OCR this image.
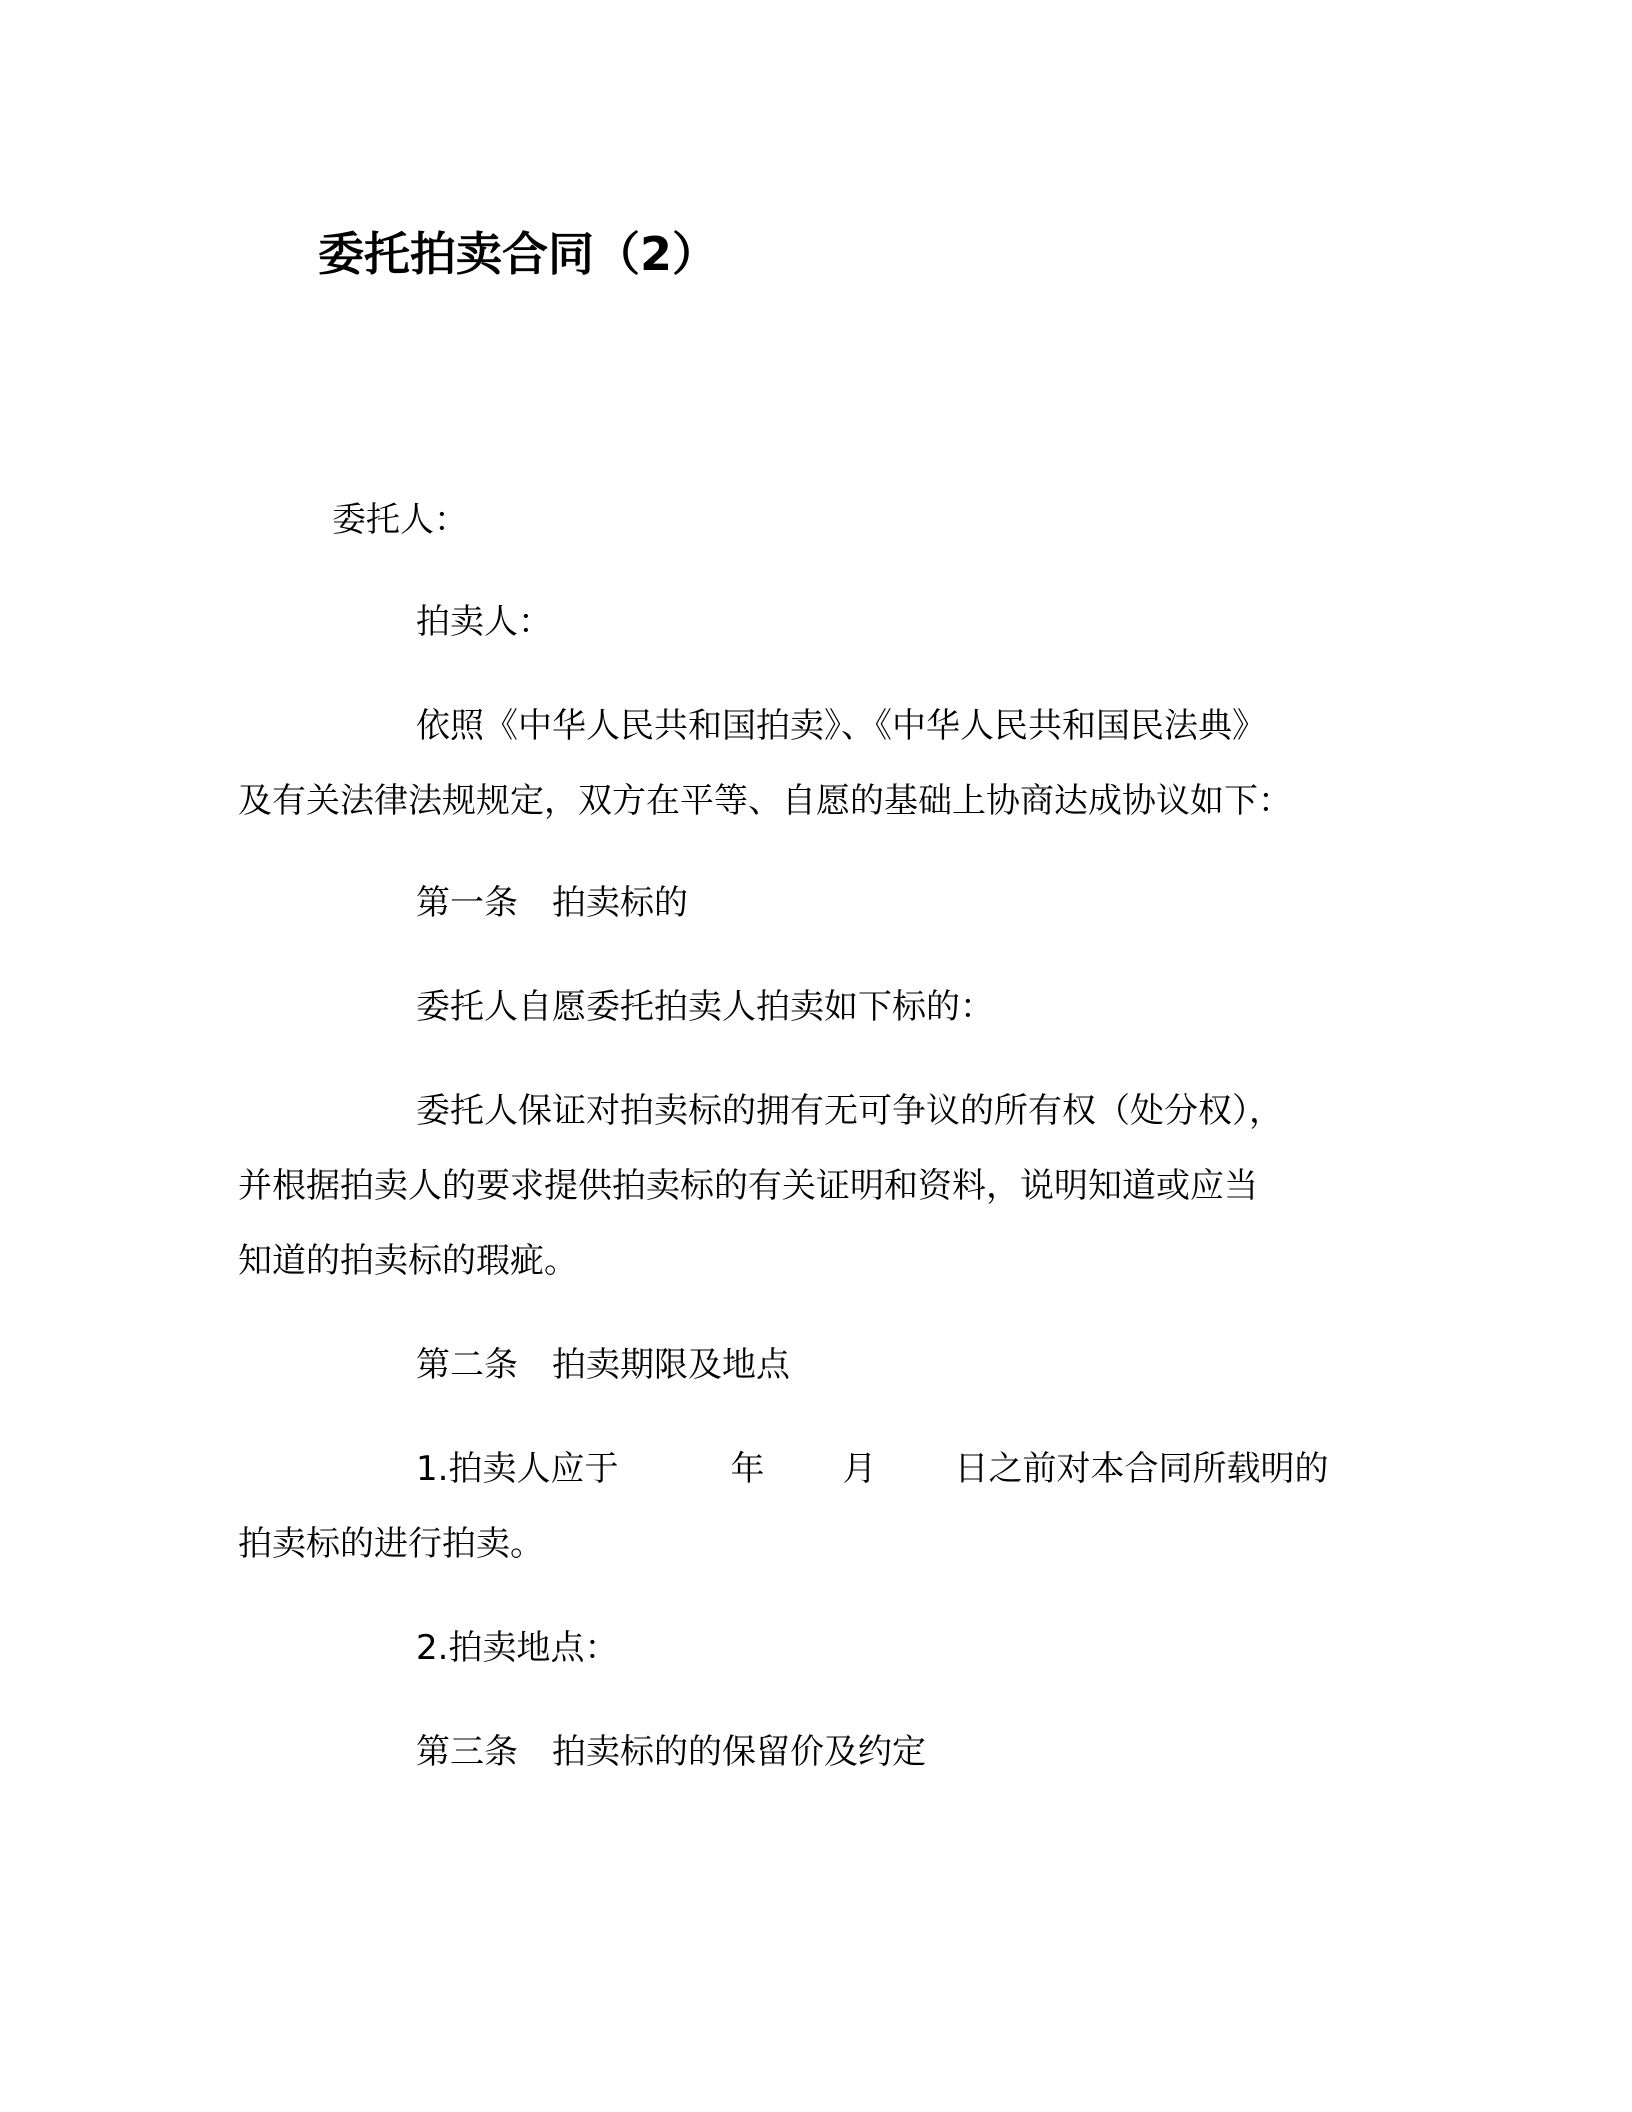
委托拍卖合同（2）
委托人：
拍卖人：
依照《中华人民共和国拍卖》、《中华人民共和国民法典》
及有关法律法规规定，双方在平等、自愿的基础上协商达成协议如下：
第一条　拍卖标的
委托人自愿委托拍卖人拍卖如下标的：
委托人保证对拍卖标的拥有无可争议的所有权（处分权），
并根据拍卖人的要求提供拍卖标的有关证明和资料，说明知道或应当
知道的拍卖标的瑕疵。
第二条　拍卖期限及地点
1.拍卖人应于	年 月 日之前对本合同所载明的
拍卖标的进行拍卖。
2.拍卖地点：
第三条　拍卖标的的保留价及约定
